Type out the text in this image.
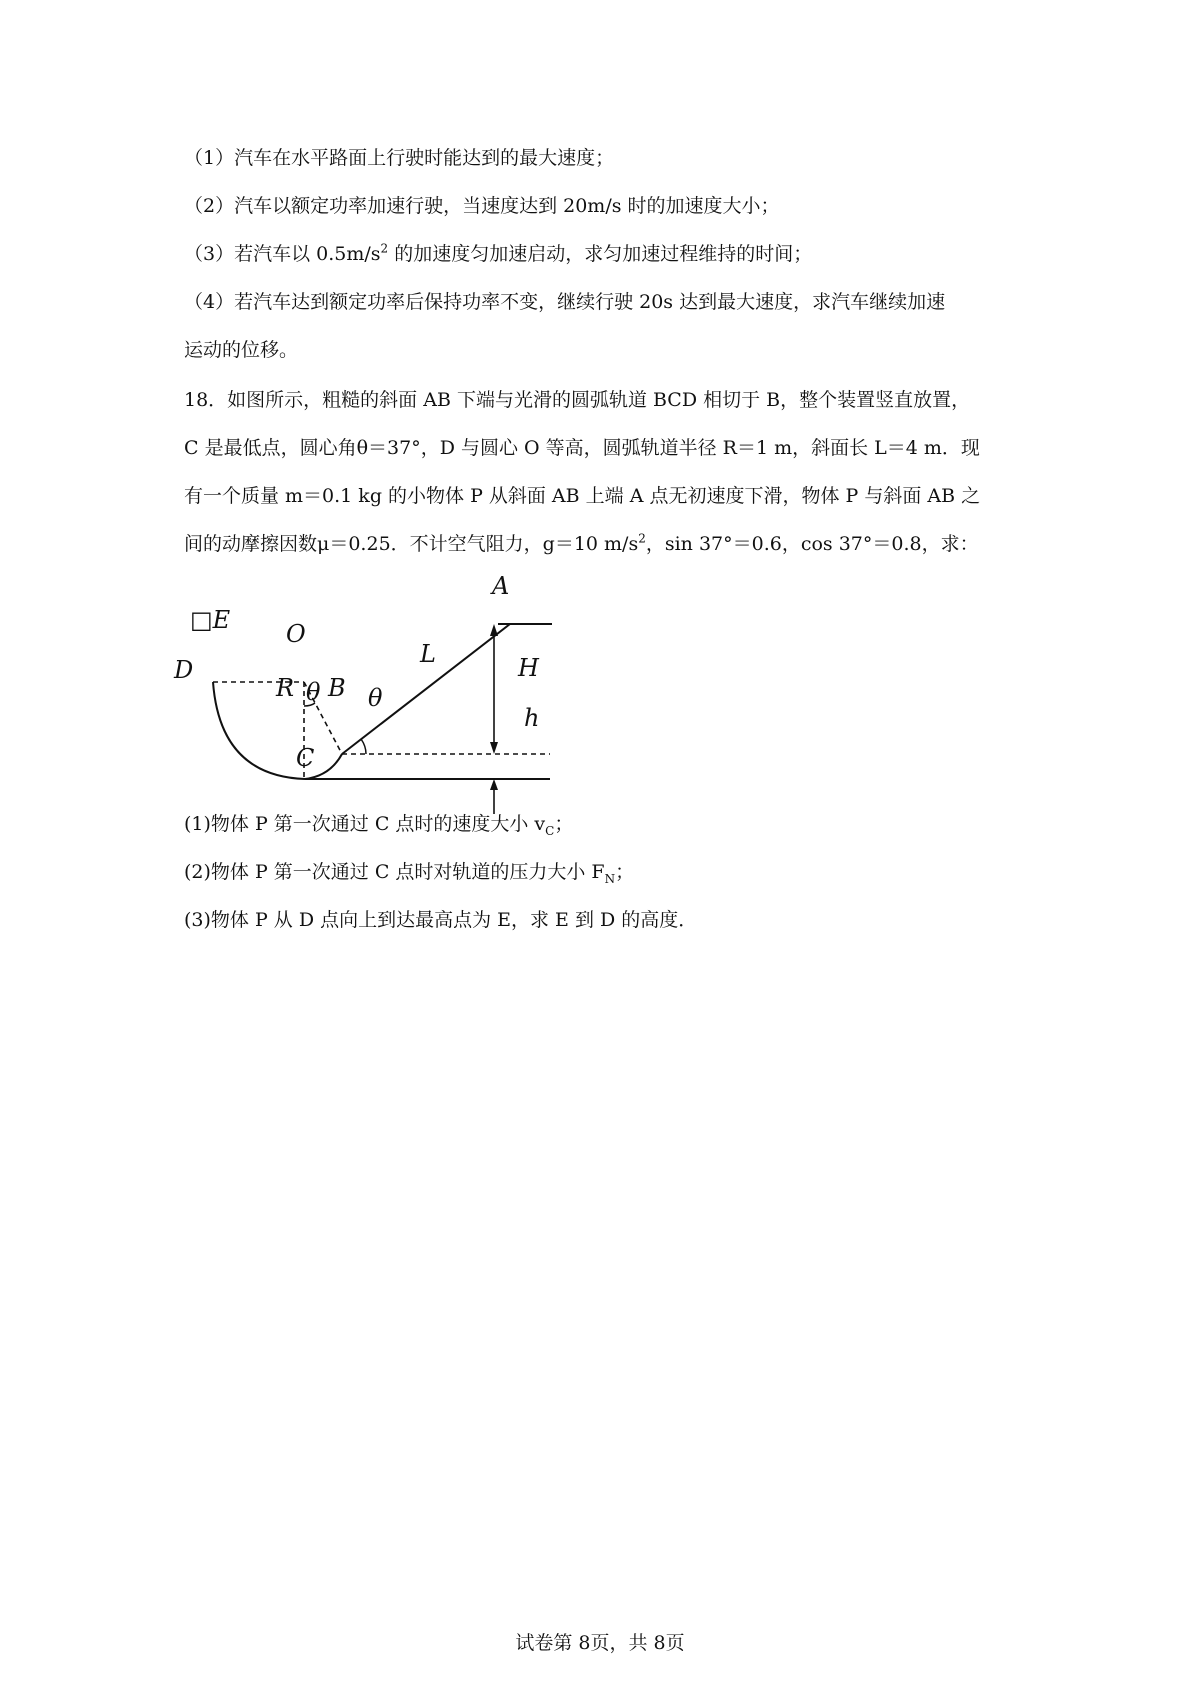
（1）汽车在水平路面上行驶时能达到的最大速度；
（2）汽车以额定功率加速行驶，当速度达到 20m/s 时的加速度大小；
（3）若汽车以 $0.5m/s^2$ 的加速度匀加速启动，求匀加速过程维持的时间；
（4）若汽车达到额定功率后保持功率不变，继续行驶 20s 达到最大速度，求汽车继续加速
运动的位移。
18．如图所示，粗糙的斜面 AB 下端与光滑的圆弧轨道 BCD 相切于 B，整个装置竖直放置，
C 是最低点，圆心角θ＝37°，D 与圆心 O 等高，圆弧轨道半径 R＝1 m，斜面长 L＝4 m．现
有一个质量 m＝0.1 kg 的小物体 P 从斜面 AB 上端 A 点无初速度下滑，物体 P 与斜面 AB 之
间的动摩擦因数μ＝0.25．不计空气阻力，g＝10 $m/s^2$，sin 37°＝0.6，cos 37°＝0.8，求：
□E O
D
R θ B θ
L
A
H
h
C
(1)物体 P 第一次通过 C 点时的速度大小 $v_C$；
(2)物体 P 第一次通过 C 点时对轨道的压力大小 $F_N$；
(3)物体 P 从 D 点向上到达最高点为 E，求 E 到 D 的高度．
试卷第 8页，共 8页
